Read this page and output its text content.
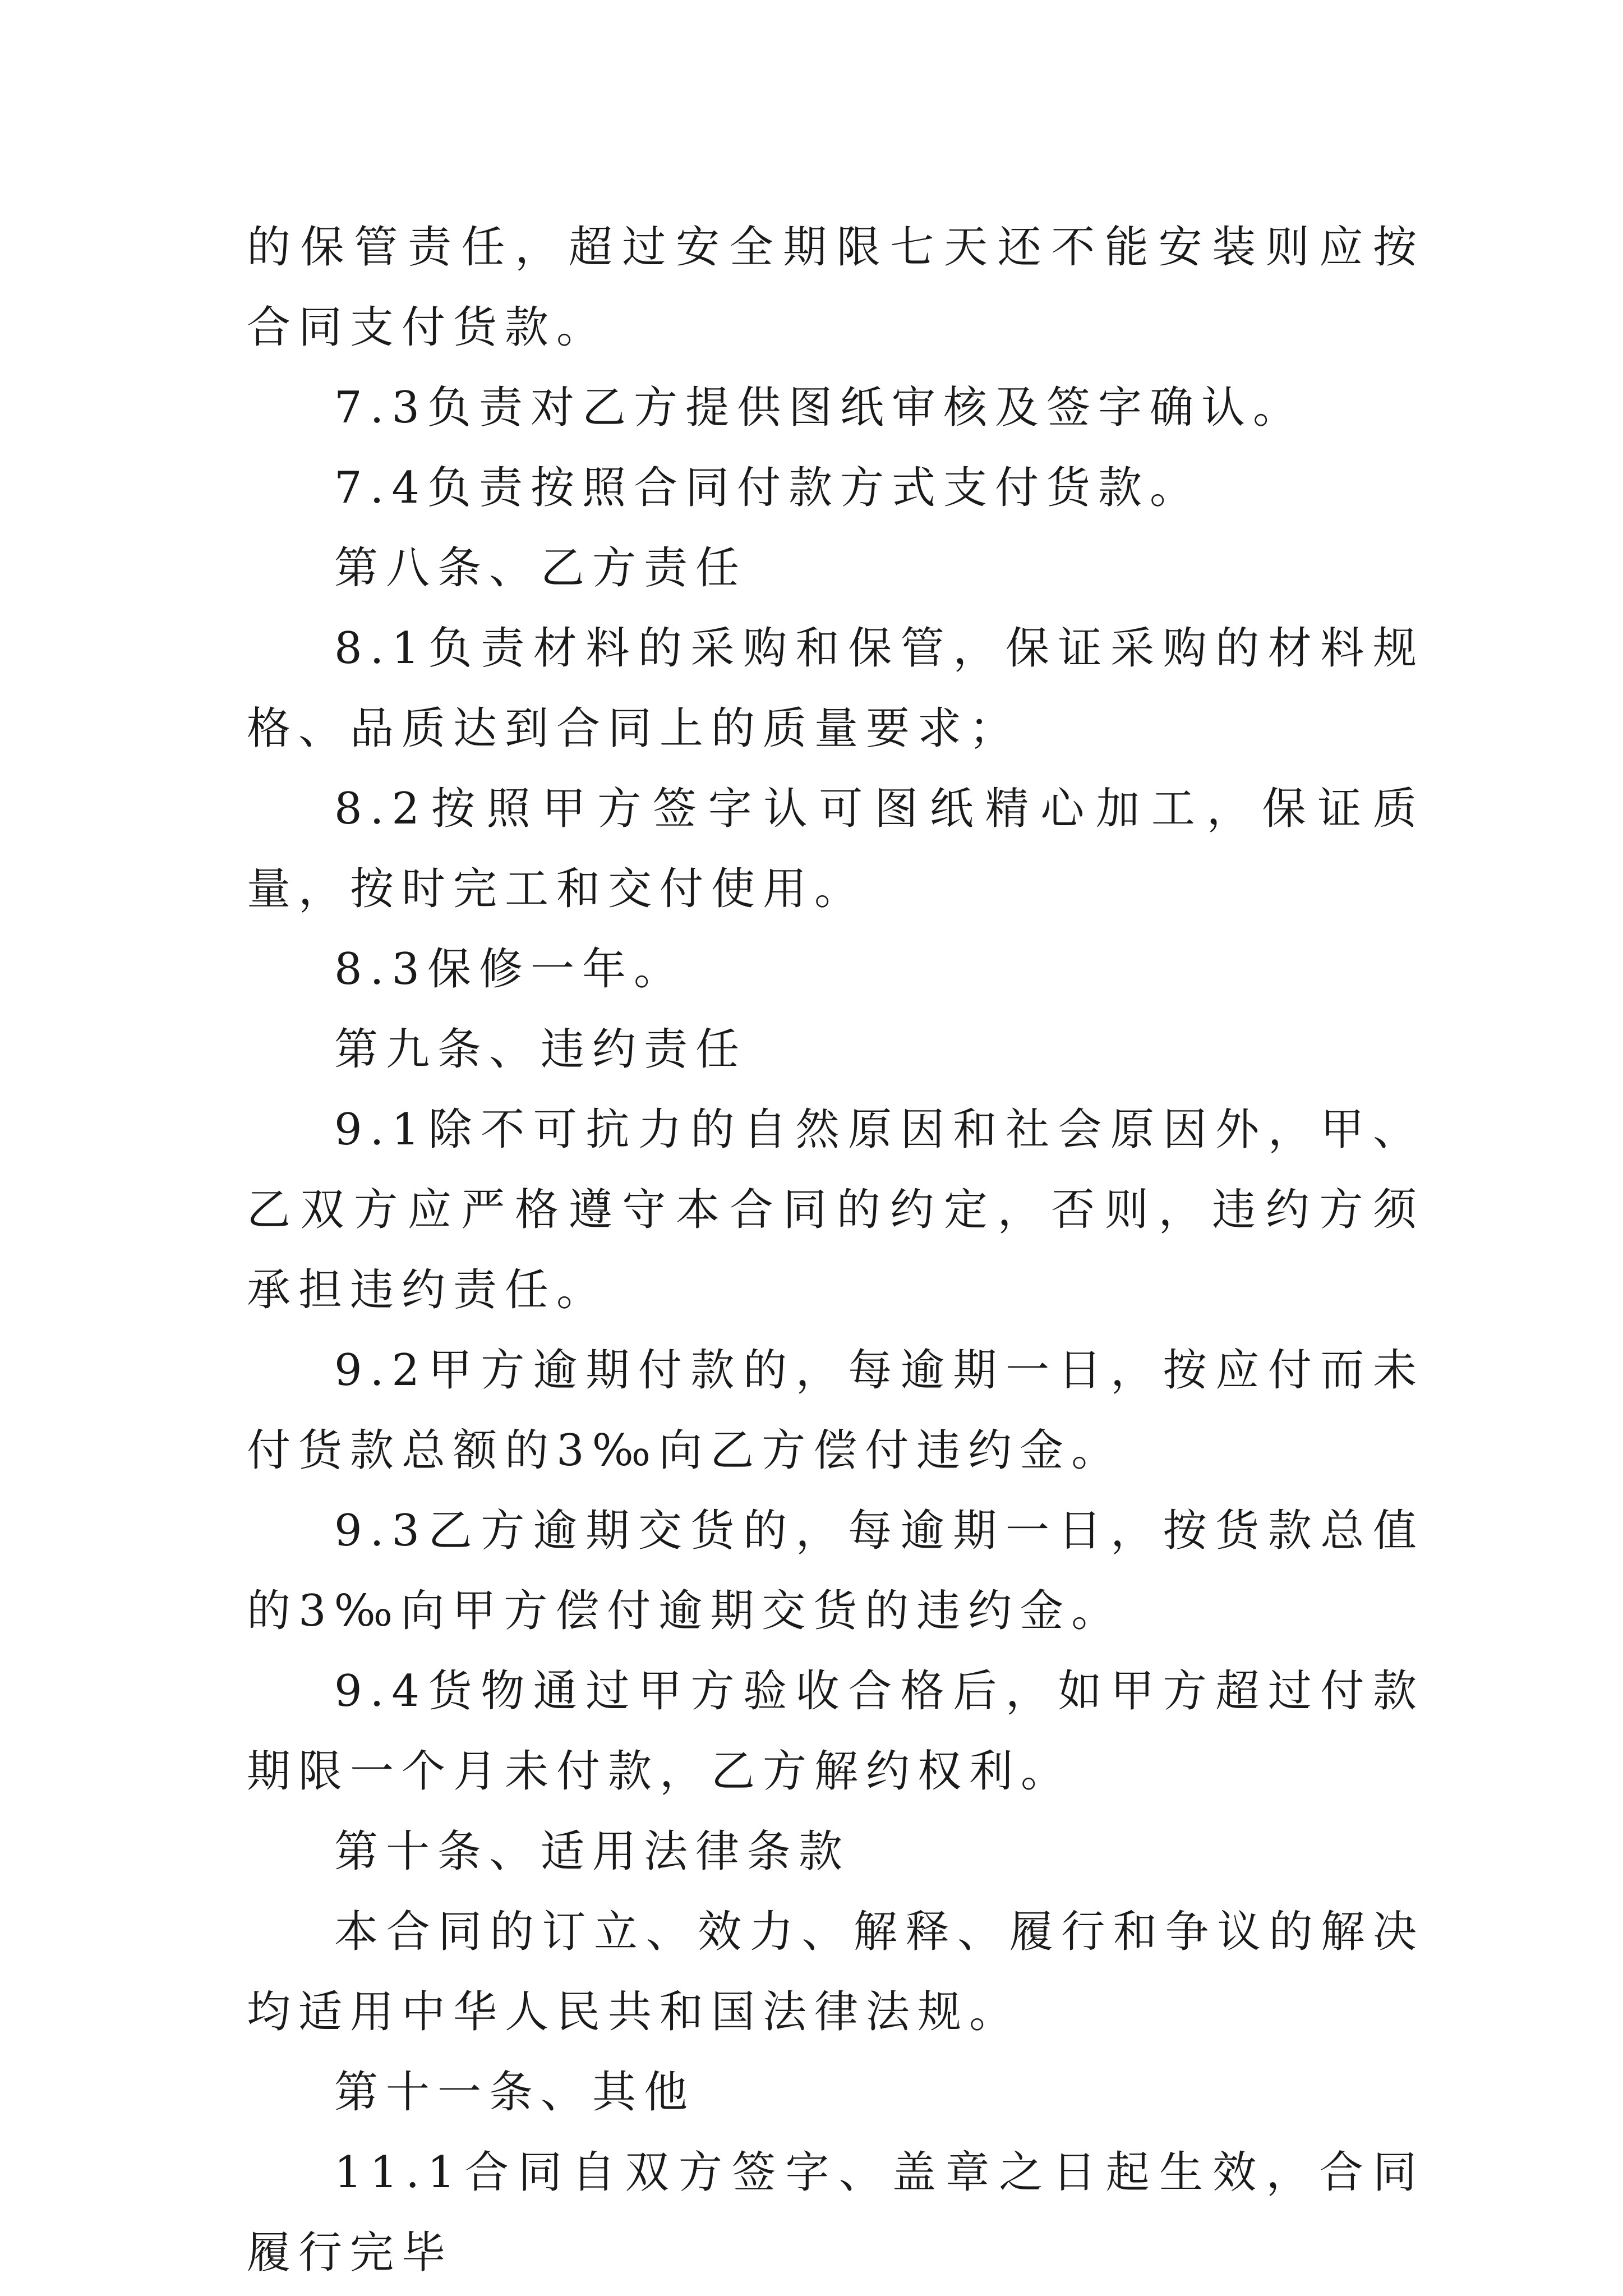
的保管责任，超过安全期限七天还不能安装则应按合同支付货款。

7.3负责对乙方提供图纸审核及签字确认。

7.4负责按照合同付款方式支付货款。

第八条、乙方责任

8.1负责材料的采购和保管，保证采购的材料规格、品质达到合同上的质量要求；

8.2按照甲方签字认可图纸精心加工，保证质量，按时完工和交付使用。

8.3保修一年。

第九条、违约责任

9.1除不可抗力的自然原因和社会原因外，甲、乙双方应严格遵守本合同的约定，否则，违约方须承担违约责任。

9.2甲方逾期付款的，每逾期一日，按应付而未付货款总额的3‰向乙方偿付违约金。

9.3乙方逾期交货的，每逾期一日，按货款总值的3‰向甲方偿付逾期交货的违约金。

9.4货物通过甲方验收合格后，如甲方超过付款期限一个月未付款，乙方解约权利。

第十条、适用法律条款

本合同的订立、效力、解释、履行和争议的解决均适用中华人民共和国法律法规。

第十一条、其他

11.1合同自双方签字、盖章之日起生效，合同履行完毕
